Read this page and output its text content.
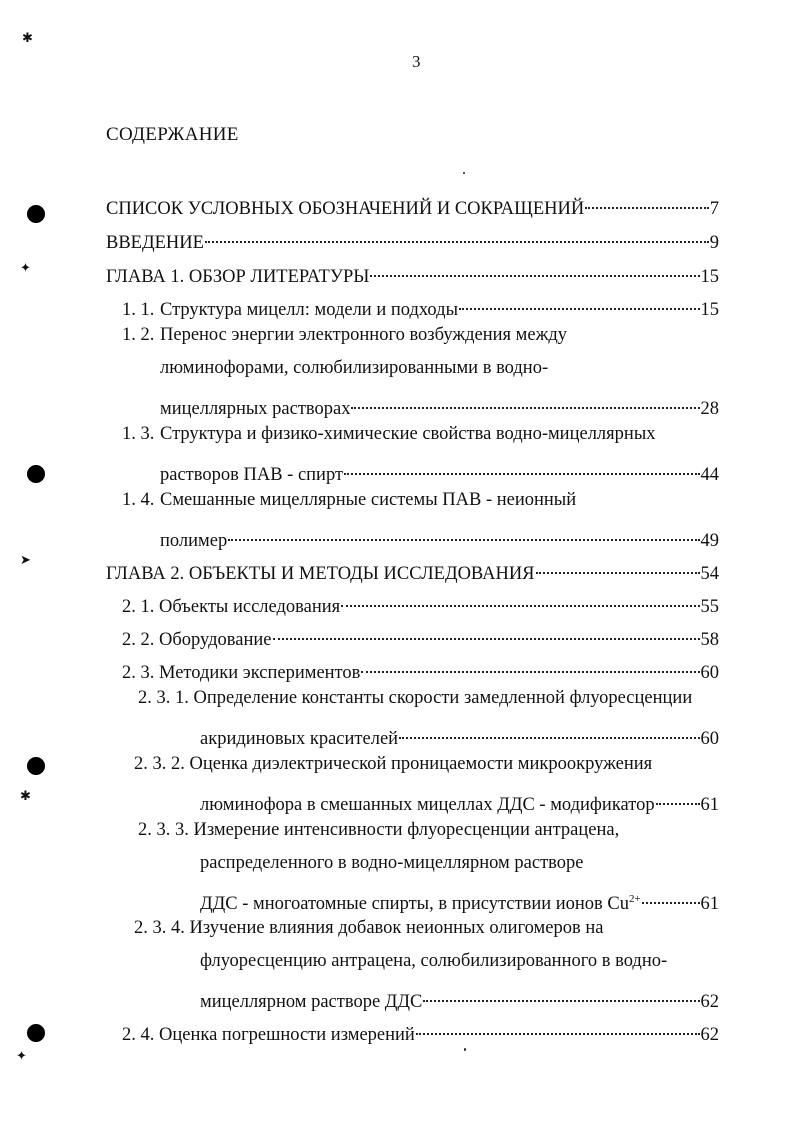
✱
✦
➤
✱
✦
3
СОДЕРЖАНИЕ
СПИСОК УСЛОВНЫХ ОБОЗНАЧЕНИЙ И СОКРАЩЕНИЙ	7
ВВЕДЕНИЕ	9
ГЛАВА 1. ОБЗОР ЛИТЕРАТУРЫ	15
1. 1. Структура мицелл: модели и подходы	15
1. 2. Перенос энергии электронного возбуждения между
люминофорами, солюбилизированными в водно-
мицеллярных растворах	28
1. 3. Структура и физико-химические свойства водно-мицеллярных
растворов ПАВ - спирт	44
1. 4. Смешанные мицеллярные системы ПАВ - неионный
полимер	49
ГЛАВА 2. ОБЪЕКТЫ И МЕТОДЫ ИССЛЕДОВАНИЯ	54
2. 1. Объекты исследования	55
2. 2. Оборудование	58
2. 3. Методики экспериментов	60
2. 3. 1. Определение константы скорости замедленной флуоресценции
акридиновых красителей	60
2. 3. 2. Оценка диэлектрической проницаемости микроокружения
люминофора в смешанных мицеллах ДДС - модификатор 61
2. 3. 3. Измерение интенсивности флуоресценции антрацена,
распределенного в водно-мицеллярном растворе
ДДС - многоатомные спирты, в присутствии ионов $Cu^{2+}$	61
2. 3. 4. Изучение влияния добавок неионных олигомеров на
флуоресценцию антрацена, солюбилизированного в водно-
мицеллярном растворе ДДС	62
2. 4. Оценка погрешности измерений	62
